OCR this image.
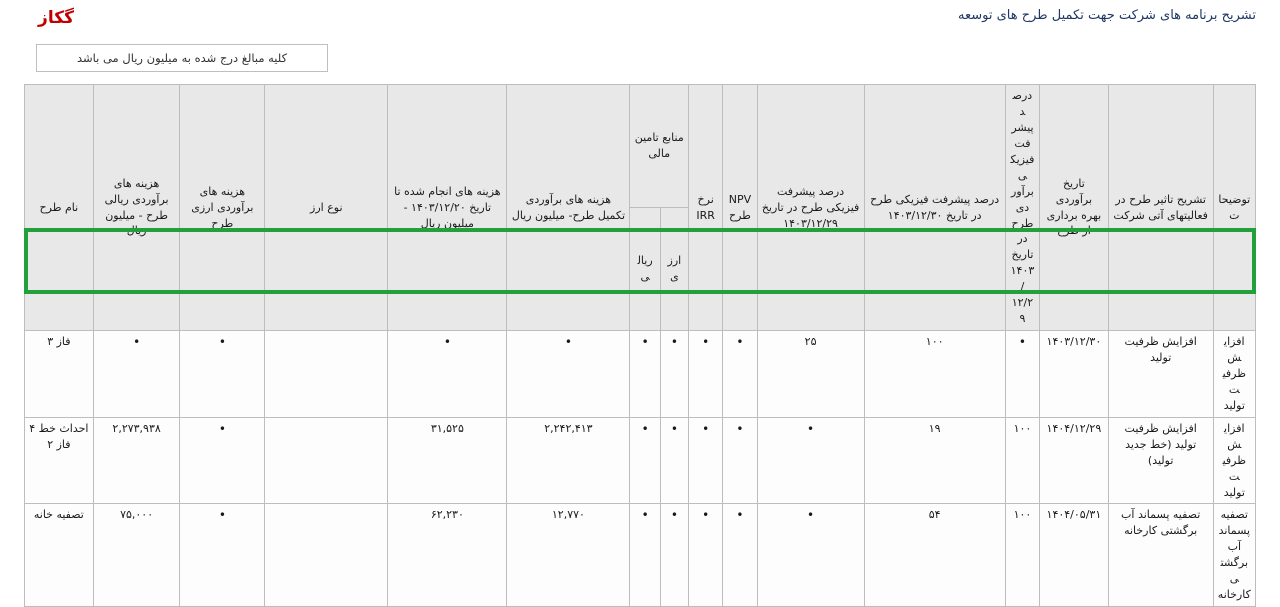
تشریح برنامه های شرکت جهت تکمیل طرح های توسعه
گکاز
کلیه مبالغ درج شده به میلیون ریال می باشد
توضیحات	تشریح تاثیر طرح در فعالیتهای آتی شرکت	تاریخ برآوردی بهره برداری از طرح	درصد پیشرفت فیزیکی برآوردی طرح در تاریخ ۱۴۰۳/۱۲/۲۹	درصد پیشرفت فیزیکی طرح در تاریخ ۱۴۰۳/۱۲/۳۰	درصد پیشرفت فیزیکی طرح در تاریخ ۱۴۰۳/۱۲/۲۹	NPV طرح	نرخ IRR	منابع تامین مالی		هزینه های برآوردی تکمیل طرح- میلیون ریال	هزینه های انجام شده تا تاریخ ۱۴۰۳/۱۲/۲۰ - میلیون ریال	نوع ارز	هزینه های برآوردی ارزی طرح	هزینه های برآوردی ریالی طرح - میلیون ریال	نام طرح
								ارزی	ریالی						
افزایش ظرفیت تولید	افزایش ظرفیت تولید	۱۴۰۳/۱۲/۳۰	•	۱۰۰	۲۵	•	•	•	•	•	•		•	•	فاز ۳
افزایش ظرفیت تولید	افزایش ظرفیت تولید (خط جدید تولید)	۱۴۰۴/۱۲/۲۹	۱۰۰	۱۹	•	•	•	•	•	۲,۲۴۲,۴۱۳	۳۱,۵۲۵		•	۲,۲۷۳,۹۳۸	احداث خط ۴ فاز ۲
تصفیه پسماند آب برگشتی کارخانه	تصفیه پسماند آب برگشتی کارخانه	۱۴۰۴/۰۵/۳۱	۱۰۰	۵۴	•	•	•	•	•	۱۲,۷۷۰	۶۲,۲۳۰		•	۷۵,۰۰۰	تصفیه خانه
